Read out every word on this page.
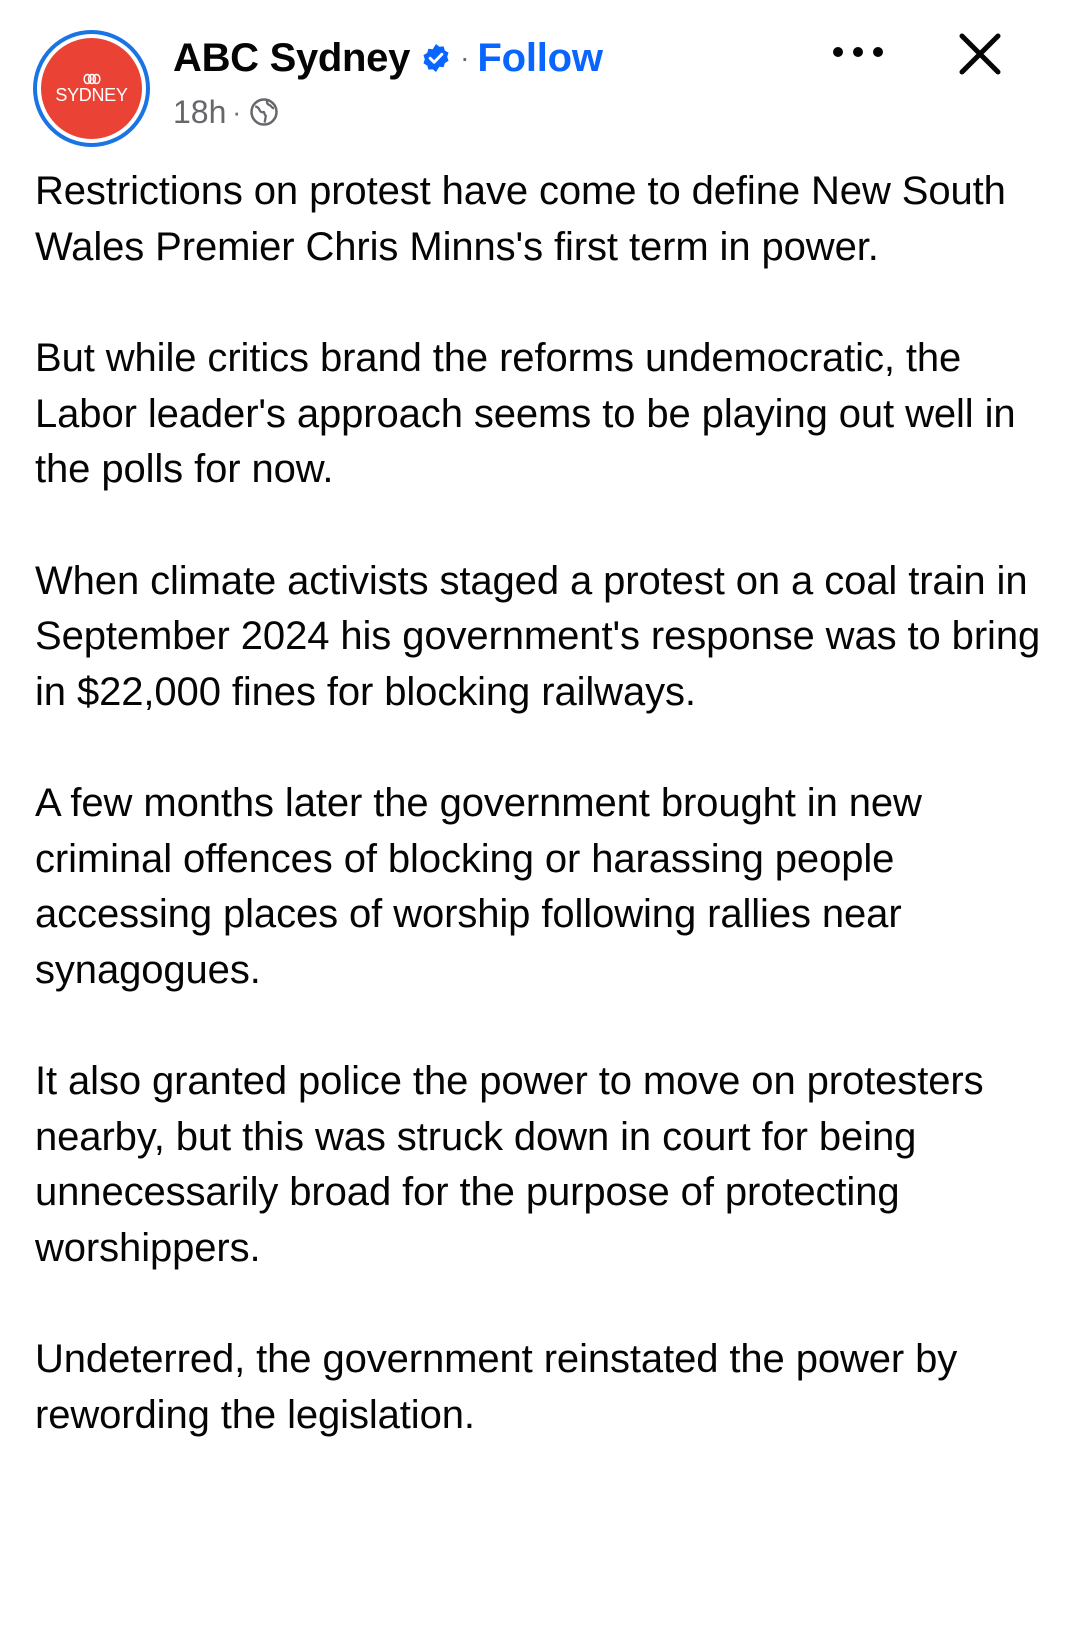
SYDNEY
ABC Sydney · Follow
18h ·

Restrictions on protest have come to define New South Wales Premier Chris Minns's first term in power.

But while critics brand the reforms undemocratic, the Labor leader's approach seems to be playing out well in the polls for now.

When climate activists staged a protest on a coal train in September 2024 his government's response was to bring in $22,000 fines for blocking railways.

A few months later the government brought in new criminal offences of blocking or harassing people accessing places of worship following rallies near synagogues.

It also granted police the power to move on protesters nearby, but this was struck down in court for being unnecessarily broad for the purpose of protecting worshippers.

Undeterred, the government reinstated the power by rewording the legislation.
